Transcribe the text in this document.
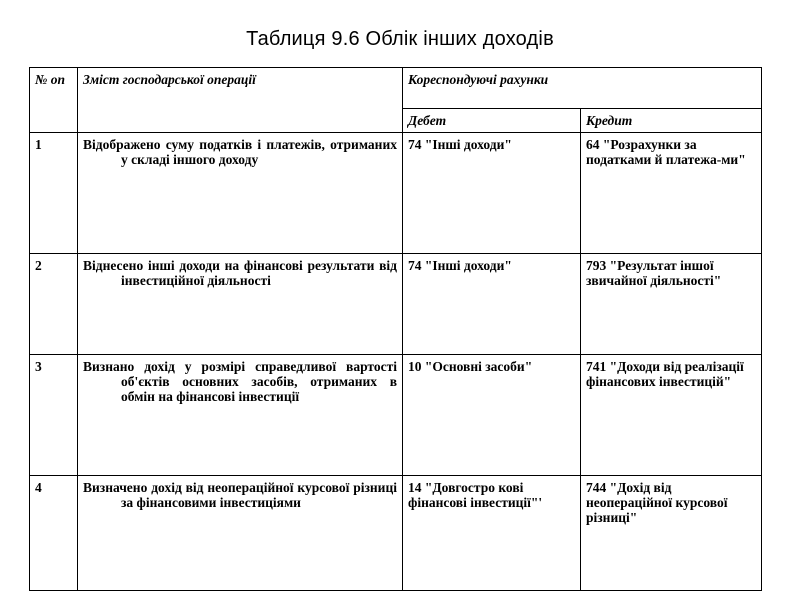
Таблиця 9.6 Облік інших доходів
№ оп	Зміст господарської операції	Кореспондуючі рахунки	
		Дебет	Кредит
1	Відображено суму податків і платежів, отриманих у складі іншого доходу	74 "Інші доходи"	64 "Розрахунки за податками й платежа-ми"
2	Віднесено інші доходи на фінансові результати від інвестиційної діяльності	74 "Інші доходи"	793 "Результат іншої звичайної діяльності"
3	Визнано дохід у розмірі справедливої вартості об'єктів основних засобів, отриманих в обмін на фінансові інвестиції	10 "Основні засоби"	741 "Доходи від реалізації фінансових інвестицій"
4	Визначено дохід від неопераційної курсової різниці за фінансовими інвестиціями	14 "Довгостро кові фінансові інвестиції"'	744 "Дохід від неопераційної курсової різниці"
